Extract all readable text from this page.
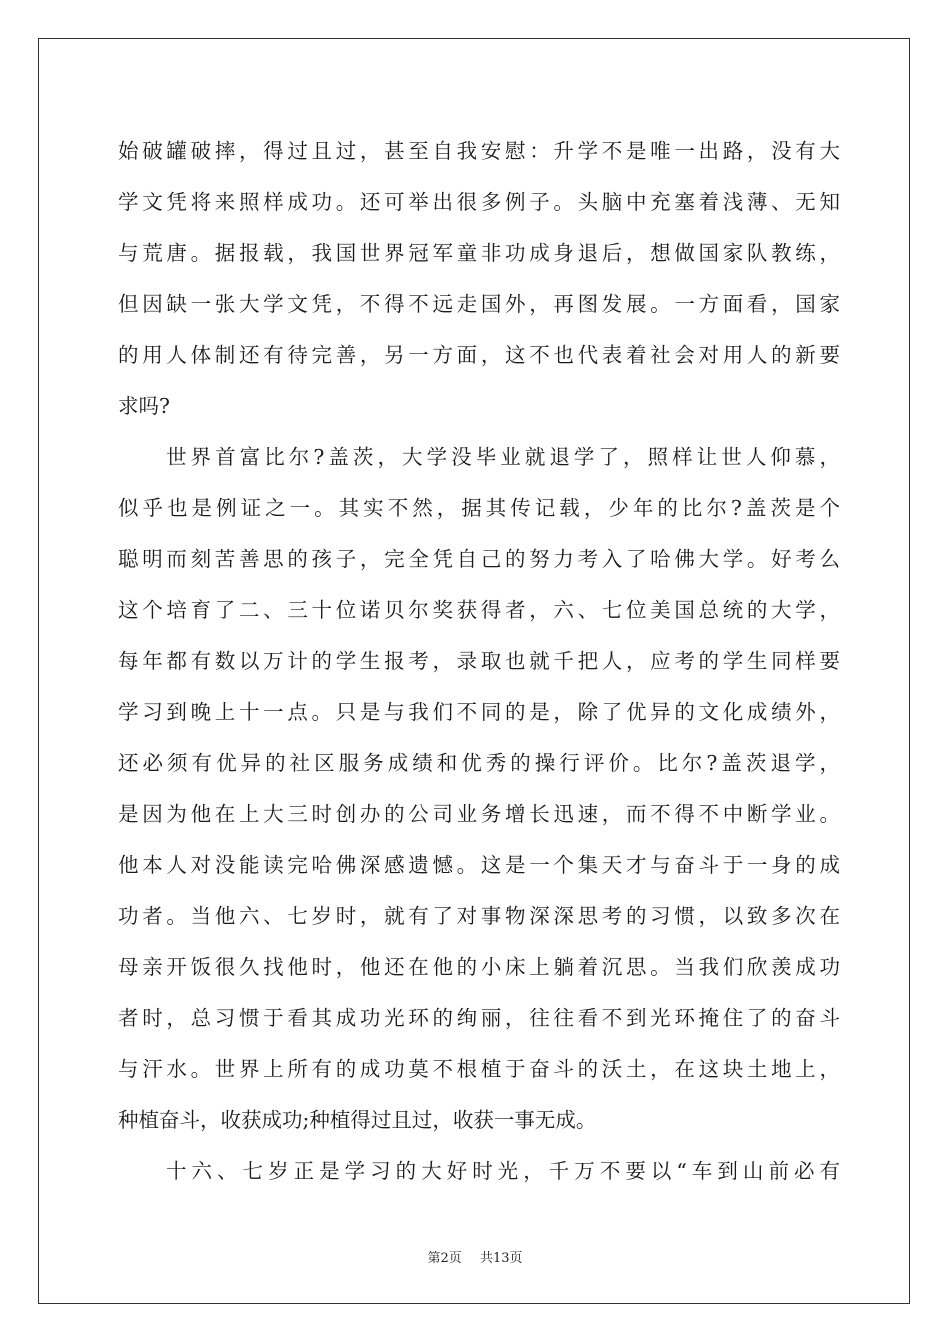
始破罐破摔，得过且过，甚至自我安慰：升学不是唯一出路，没有大
学文凭将来照样成功。还可举出很多例子。头脑中充塞着浅薄、无知
与荒唐。据报载，我国世界冠军童非功成身退后，想做国家队教练，
但因缺一张大学文凭，不得不远走国外，再图发展。一方面看，国家
的用人体制还有待完善，另一方面，这不也代表着社会对用人的新要
求吗?
世界首富比尔?盖茨，大学没毕业就退学了，照样让世人仰慕，
似乎也是例证之一。其实不然，据其传记载，少年的比尔?盖茨是个
聪明而刻苦善思的孩子，完全凭自己的努力考入了哈佛大学。好考么
这个培育了二、三十位诺贝尔奖获得者，六、七位美国总统的大学，
每年都有数以万计的学生报考，录取也就千把人，应考的学生同样要
学习到晚上十一点。只是与我们不同的是，除了优异的文化成绩外，
还必须有优异的社区服务成绩和优秀的操行评价。比尔?盖茨退学，
是因为他在上大三时创办的公司业务增长迅速，而不得不中断学业。
他本人对没能读完哈佛深感遗憾。这是一个集天才与奋斗于一身的成
功者。当他六、七岁时，就有了对事物深深思考的习惯，以致多次在
母亲开饭很久找他时，他还在他的小床上躺着沉思。当我们欣羡成功
者时，总习惯于看其成功光环的绚丽，往往看不到光环掩住了的奋斗
与汗水。世界上所有的成功莫不根植于奋斗的沃土，在这块土地上，
种植奋斗，收获成功;种植得过且过，收获一事无成。
十六、七岁正是学习的大好时光，千万不要以“车到山前必有
第2页 共13页
